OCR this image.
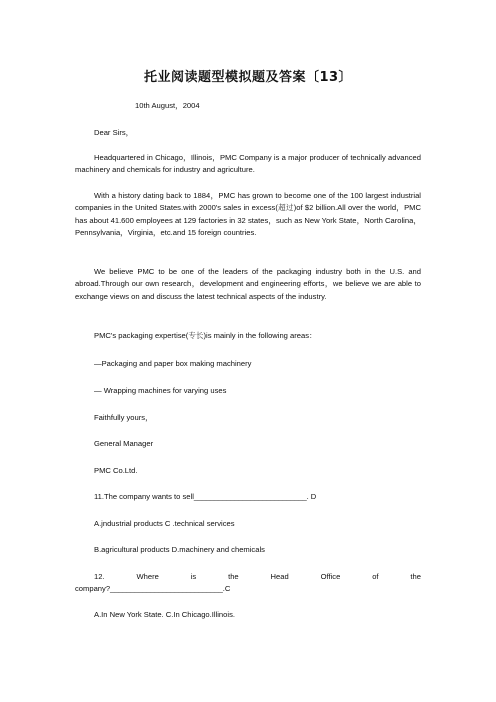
托业阅读题型模拟题及答案〔13〕

10th August，2004

Dear Sirs，

Headquartered in Chicago，Illinois，PMC Company is a major producer of technically advanced machinery and chemicals for industry and agriculture.

With a history dating back to 1884，PMC has grown to become one of the 100 largest industrial companies in the United States.with 2000's sales in excess(超过)of $2 billion.All over the world，PMC has about 41.600 employees at 129 factories in 32 states，such as New York State，North Carolina，Pennsylvania，Virginia，etc.and 15 foreign countries.

We believe PMC to be one of the leaders of the packaging industry both in the U.S. and abroad.Through our own research，development and engineering efforts，we believe we are able to exchange views on and discuss the latest technical aspects of the industry.

PMC's packaging expertise(专长)is mainly in the following areas：

—Packaging and paper box making machinery

— Wrapping machines for varying uses

Faithfully yours，

General Manager

PMC Co.Ltd.

11.The company wants to sell____________________________. D

A.jndustrial products C .technical services

B.agricultural products D.machinery and chemicals

12.	Where	is	the	Head	Office	of	the

company?____________________________.C

A.In New York State. C.In Chicago.Illinois.
